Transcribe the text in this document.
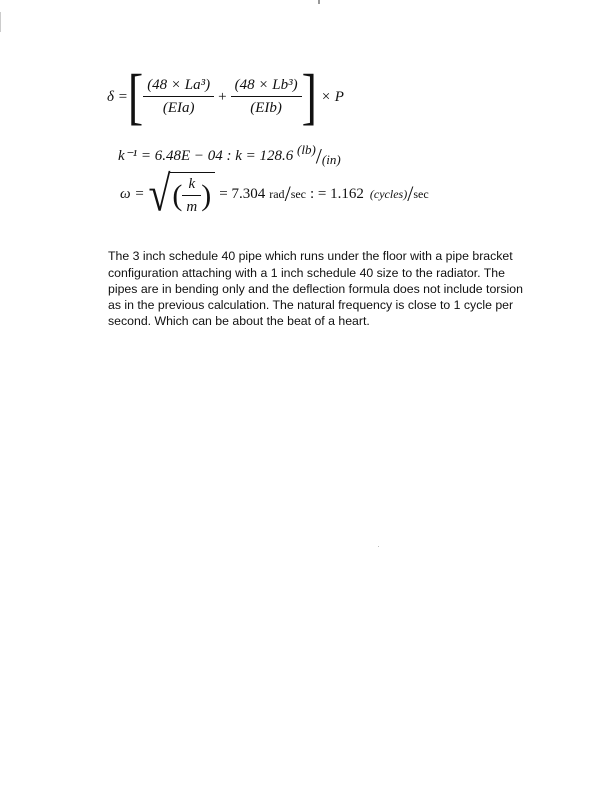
δ = [ $\frac{\text{(48 × La³)}}{\text{(EIa)}} + \frac{\text{(48 × Lb³)}}{\text{(EIb)}}$ ] × P
k⁻¹ = 6.48E − 04 : k = 128.6 (lb)/(in)
ω = √ ( $\frac{k}{m}$ ) = 7.304 rad / sec : = 1.162 (cycles) / sec

The 3 inch schedule 40 pipe which runs under the floor with a pipe bracket configuration attaching with a 1 inch schedule 40 size to the radiator. The pipes are in bending only and the deflection formula does not include torsion as in the previous calculation. The natural frequency is close to 1 cycle per second. Which can be about the beat of a heart.
